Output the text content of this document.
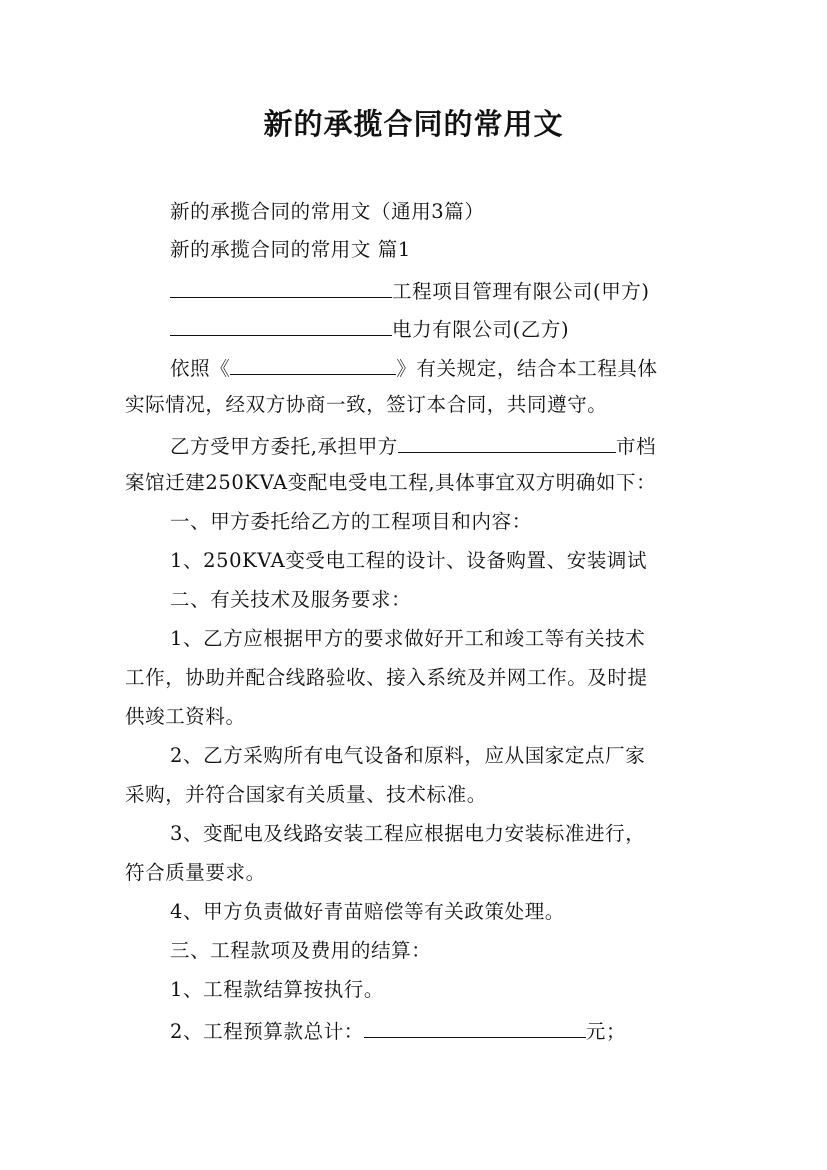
新的承揽合同的常用文
新的承揽合同的常用文（通用3篇）
新的承揽合同的常用文 篇1
工程项目管理有限公司(甲方)
电力有限公司(乙方)
依照《	》有关规定，结合本工程具体
实际情况，经双方协商一致，签订本合同，共同遵守。
乙方受甲方委托,承担甲方	市档
案馆迁建250KVA变配电受电工程,具体事宜双方明确如下：
一、甲方委托给乙方的工程项目和内容：
1、250KVA变受电工程的设计、设备购置、安装调试
二、有关技术及服务要求：
1、乙方应根据甲方的要求做好开工和竣工等有关技术
工作，协助并配合线路验收、接入系统及并网工作。及时提
供竣工资料。
2、乙方采购所有电气设备和原料，应从国家定点厂家
采购，并符合国家有关质量、技术标准。
3、变配电及线路安装工程应根据电力安装标准进行，
符合质量要求。
4、甲方负责做好青苗赔偿等有关政策处理。
三、工程款项及费用的结算：
1、工程款结算按执行。
2、工程预算款总计：	元；
